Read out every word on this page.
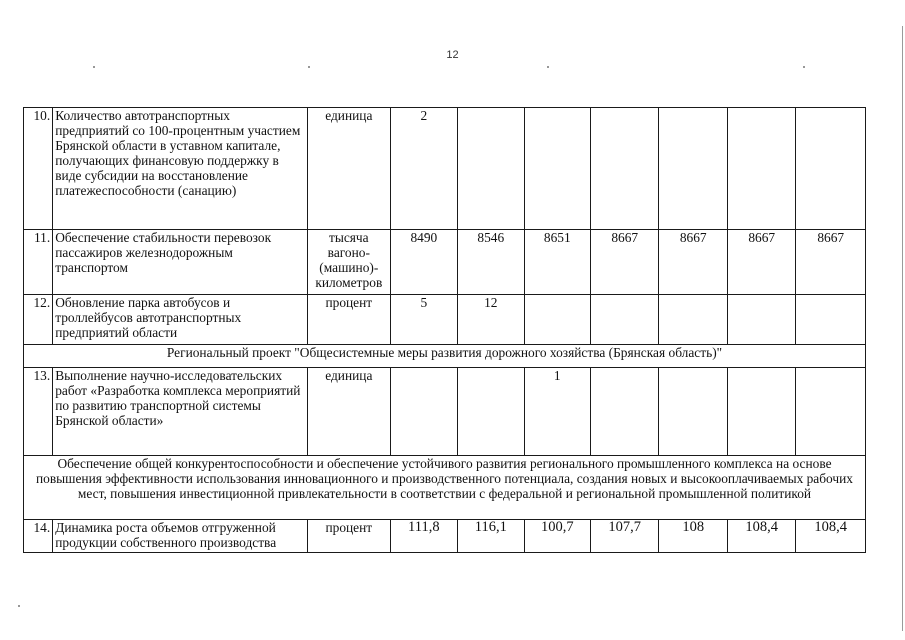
12
10.	Количество автотранспортных предприятий со 100-процентным участием Брянской области в уставном капитале, получающих финансовую поддержку в виде субсидии на восстановление платежеспособности (санацию)	единица	2						
11.	Обеспечение стабильности перевозок пассажиров железнодорожным транспортом	тысяча вагоно-(машино)-километров	8490	8546	8651	8667	8667	8667	8667
12.	Обновление парка автобусов и троллейбусов автотранспортных предприятий области	процент	5	12					
Региональный проект "Общесистемные меры развития дорожного хозяйства (Брянская область)"									
13.	Выполнение научно-исследовательских работ «Разработка комплекса мероприятий по развитию транспортной системы Брянской области»	единица			1				
Обеспечение общей конкурентоспособности и обеспечение устойчивого развития регионального промышленного комплекса на основе повышения эффективности использования инновационного и производственного потенциала, создания новых и высокооплачиваемых рабочих мест, повышения инвестиционной привлекательности в соответствии с федеральной и региональной промышленной политикой									
14.	Динамика роста объемов отгруженной продукции собственного производства	процент	111,8	116,1	100,7	107,7	108	108,4	108,4
